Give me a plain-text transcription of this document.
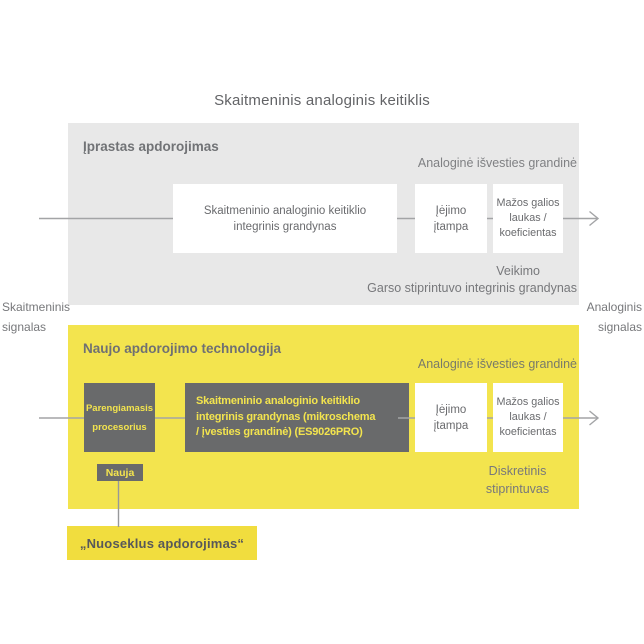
Skaitmeninis analoginis keitiklis
Įprastas apdorojimas
Analoginė išvesties grandinė
Skaitmeninio analoginio keitiklio
integrinis grandynas
Įėjimo
įtampa
Mažos galios
laukas /
koeficientas
Veikimo
Garso stiprintuvo integrinis grandynas
Skaitmeninis
signalas
Analoginis
signalas
Naujo apdorojimo technologija
Analoginė išvesties grandinė
Parengiamasis
procesorius
Skaitmeninio analoginio keitiklio
integrinis grandynas (mikroschema
/ įvesties grandinė) (ES9026PRO)
Įėjimo
įtampa
Mažos galios
laukas /
koeficientas
Diskretinis
stiprintuvas
Nauja
„Nuoseklus apdorojimas“
